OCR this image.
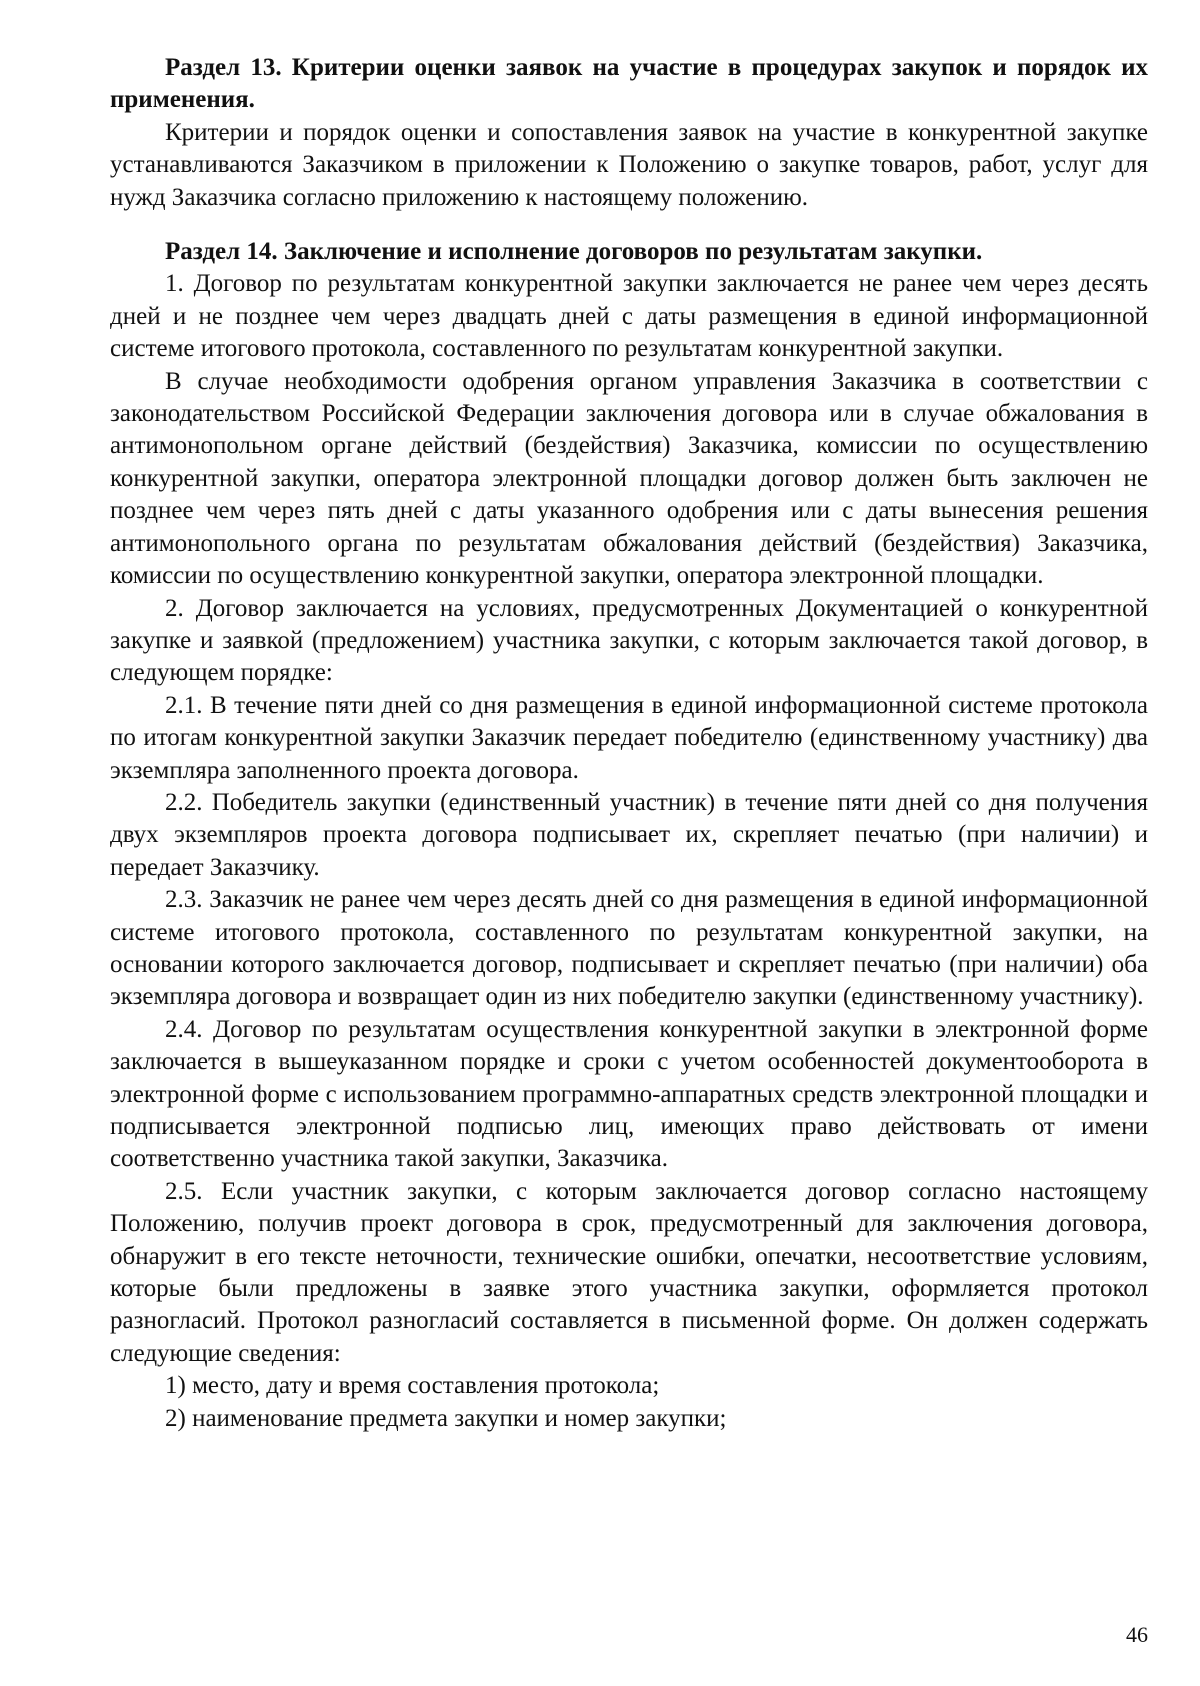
Раздел 13. Критерии оценки заявок на участие в процедурах закупок и порядок их применения.

Критерии и порядок оценки и сопоставления заявок на участие в конкурентной закупке устанавливаются Заказчиком в приложении к Положению о закупке товаров, работ, услуг для нужд Заказчика согласно приложению к настоящему положению.

Раздел 14. Заключение и исполнение договоров по результатам закупки.

1. Договор по результатам конкурентной закупки заключается не ранее чем через десять дней и не позднее чем через двадцать дней с даты размещения в единой информационной системе итогового протокола, составленного по результатам конкурентной закупки.

В случае необходимости одобрения органом управления Заказчика в соответствии с законодательством Российской Федерации заключения договора или в случае обжалования в антимонопольном органе действий (бездействия) Заказчика, комиссии по осуществлению конкурентной закупки, оператора электронной площадки договор должен быть заключен не позднее чем через пять дней с даты указанного одобрения или с даты вынесения решения антимонопольного органа по результатам обжалования действий (бездействия) Заказчика, комиссии по осуществлению конкурентной закупки, оператора электронной площадки.

2. Договор заключается на условиях, предусмотренных Документацией о конкурентной закупке и заявкой (предложением) участника закупки, с которым заключается такой договор, в следующем порядке:

2.1. В течение пяти дней со дня размещения в единой информационной системе протокола по итогам конкурентной закупки Заказчик передает победителю (единственному участнику) два экземпляра заполненного проекта договора.

2.2. Победитель закупки (единственный участник) в течение пяти дней со дня получения двух экземпляров проекта договора подписывает их, скрепляет печатью (при наличии) и передает Заказчику.

2.3. Заказчик не ранее чем через десять дней со дня размещения в единой информационной системе итогового протокола, составленного по результатам конкурентной закупки, на основании которого заключается договор, подписывает и скрепляет печатью (при наличии) оба экземпляра договора и возвращает один из них победителю закупки (единственному участнику).

2.4. Договор по результатам осуществления конкурентной закупки в электронной форме заключается в вышеуказанном порядке и сроки с учетом особенностей документооборота в электронной форме с использованием программно-аппаратных средств электронной площадки и подписывается электронной подписью лиц, имеющих право действовать от имени соответственно участника такой закупки, Заказчика.

2.5. Если участник закупки, с которым заключается договор согласно настоящему Положению, получив проект договора в срок, предусмотренный для заключения договора, обнаружит в его тексте неточности, технические ошибки, опечатки, несоответствие условиям, которые были предложены в заявке этого участника закупки, оформляется протокол разногласий. Протокол разногласий составляется в письменной форме. Он должен содержать следующие сведения:

1) место, дату и время составления протокола;

2) наименование предмета закупки и номер закупки;

46
